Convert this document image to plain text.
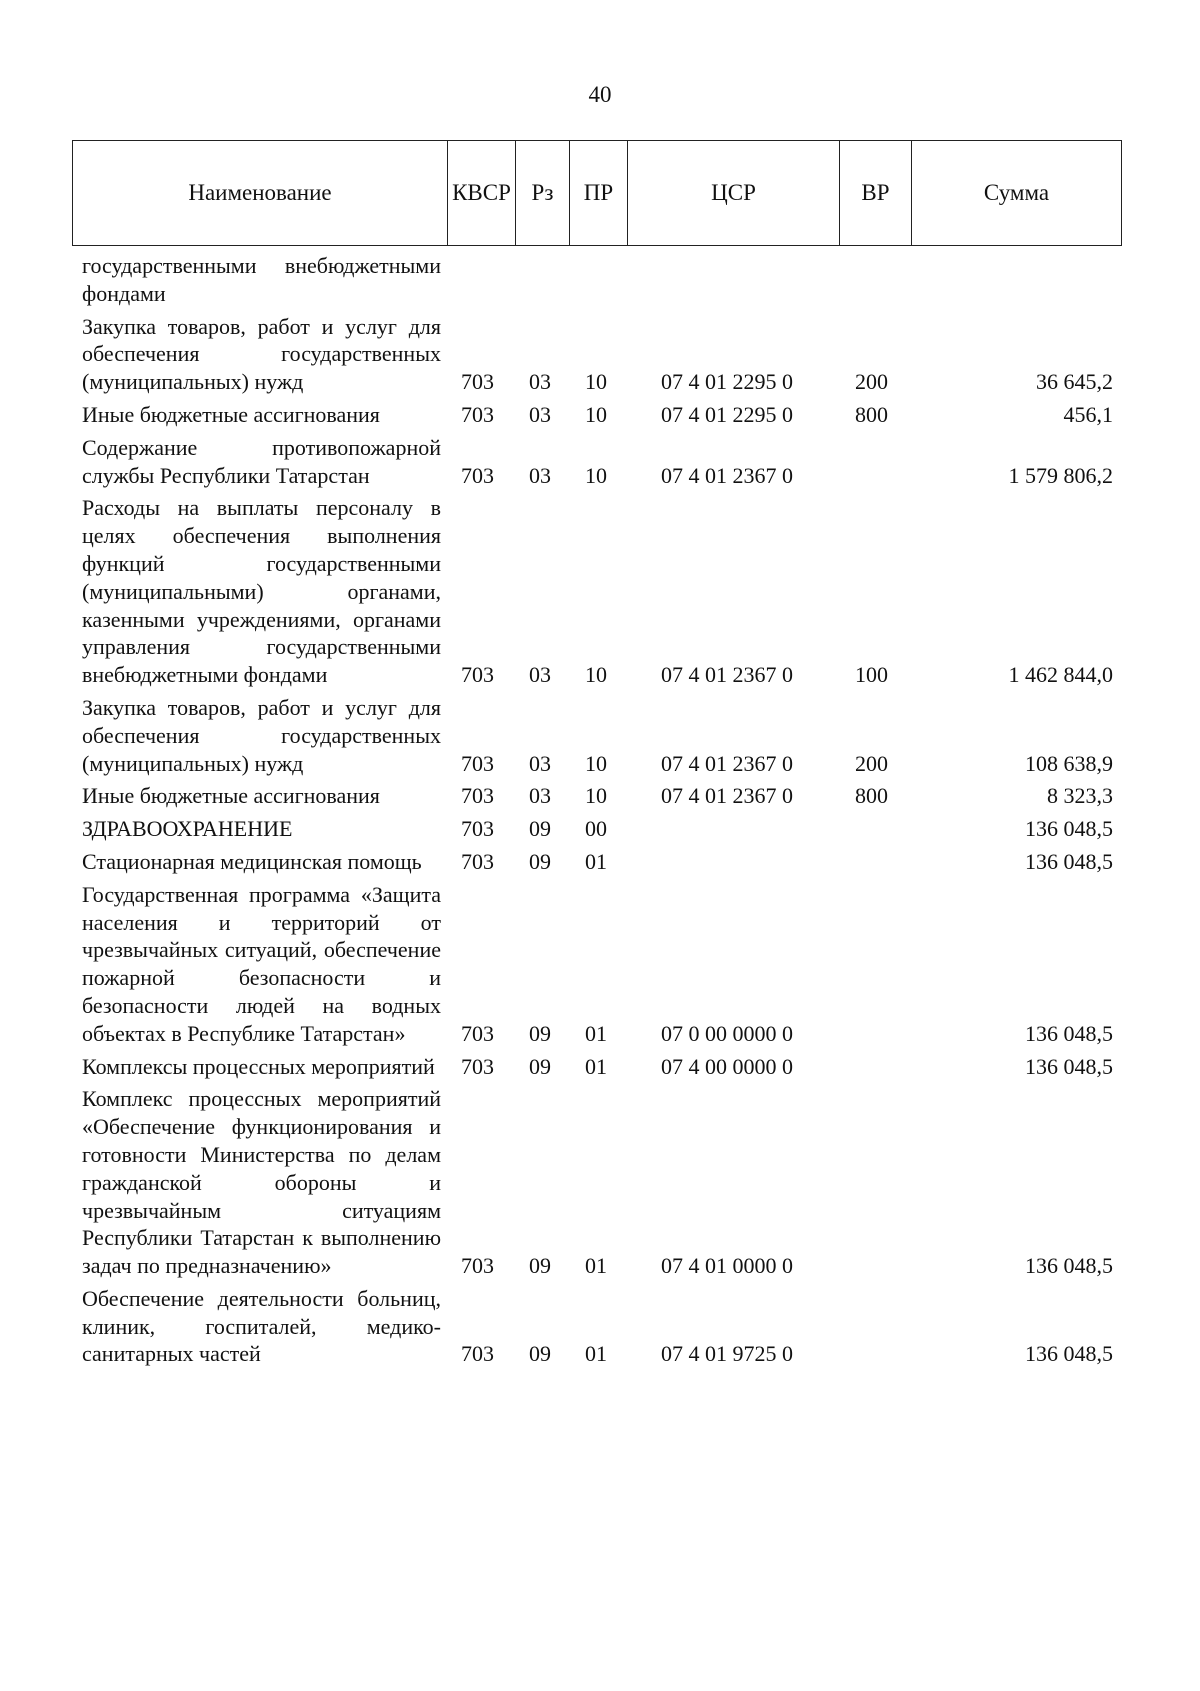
40
Наименование	КВСР	Рз	ПР	ЦСР	ВР	Сумма
государственными внебюджетными фондами						
Закупка товаров, работ и услуг для обеспечения государственных (муниципальных) нужд	703	03	10	07 4 01 2295 0	200	36 645,2
Иные бюджетные ассигнования	703	03	10	07 4 01 2295 0	800	456,1
Содержание противопожарной службы Республики Татарстан	703	03	10	07 4 01 2367 0		1 579 806,2
Расходы на выплаты персоналу в целях обеспечения выполнения функций государственными (муниципальными) органами, казенными учреждениями, органами управления государственными внебюджетными фондами	703	03	10	07 4 01 2367 0	100	1 462 844,0
Закупка товаров, работ и услуг для обеспечения государственных (муниципальных) нужд	703	03	10	07 4 01 2367 0	200	108 638,9
Иные бюджетные ассигнования	703	03	10	07 4 01 2367 0	800	8 323,3
ЗДРАВООХРАНЕНИЕ	703	09	00			136 048,5
Стационарная медицинская помощь	703	09	01			136 048,5
Государственная программа «Защита населения и территорий от чрезвычайных ситуаций, обеспечение пожарной безопасности и безопасности людей на водных объектах в Республике Татарстан»	703	09	01	07 0 00 0000 0		136 048,5
Комплексы процессных мероприятий	703	09	01	07 4 00 0000 0		136 048,5
Комплекс процессных мероприятий «Обеспечение функционирования и готовности Министерства по делам гражданской обороны и чрезвычайным ситуациям Республики Татарстан к выполнению задач по предназначению»	703	09	01	07 4 01 0000 0		136 048,5
Обеспечение деятельности больниц, клиник, госпиталей, медико-санитарных частей	703	09	01	07 4 01 9725 0		136 048,5
